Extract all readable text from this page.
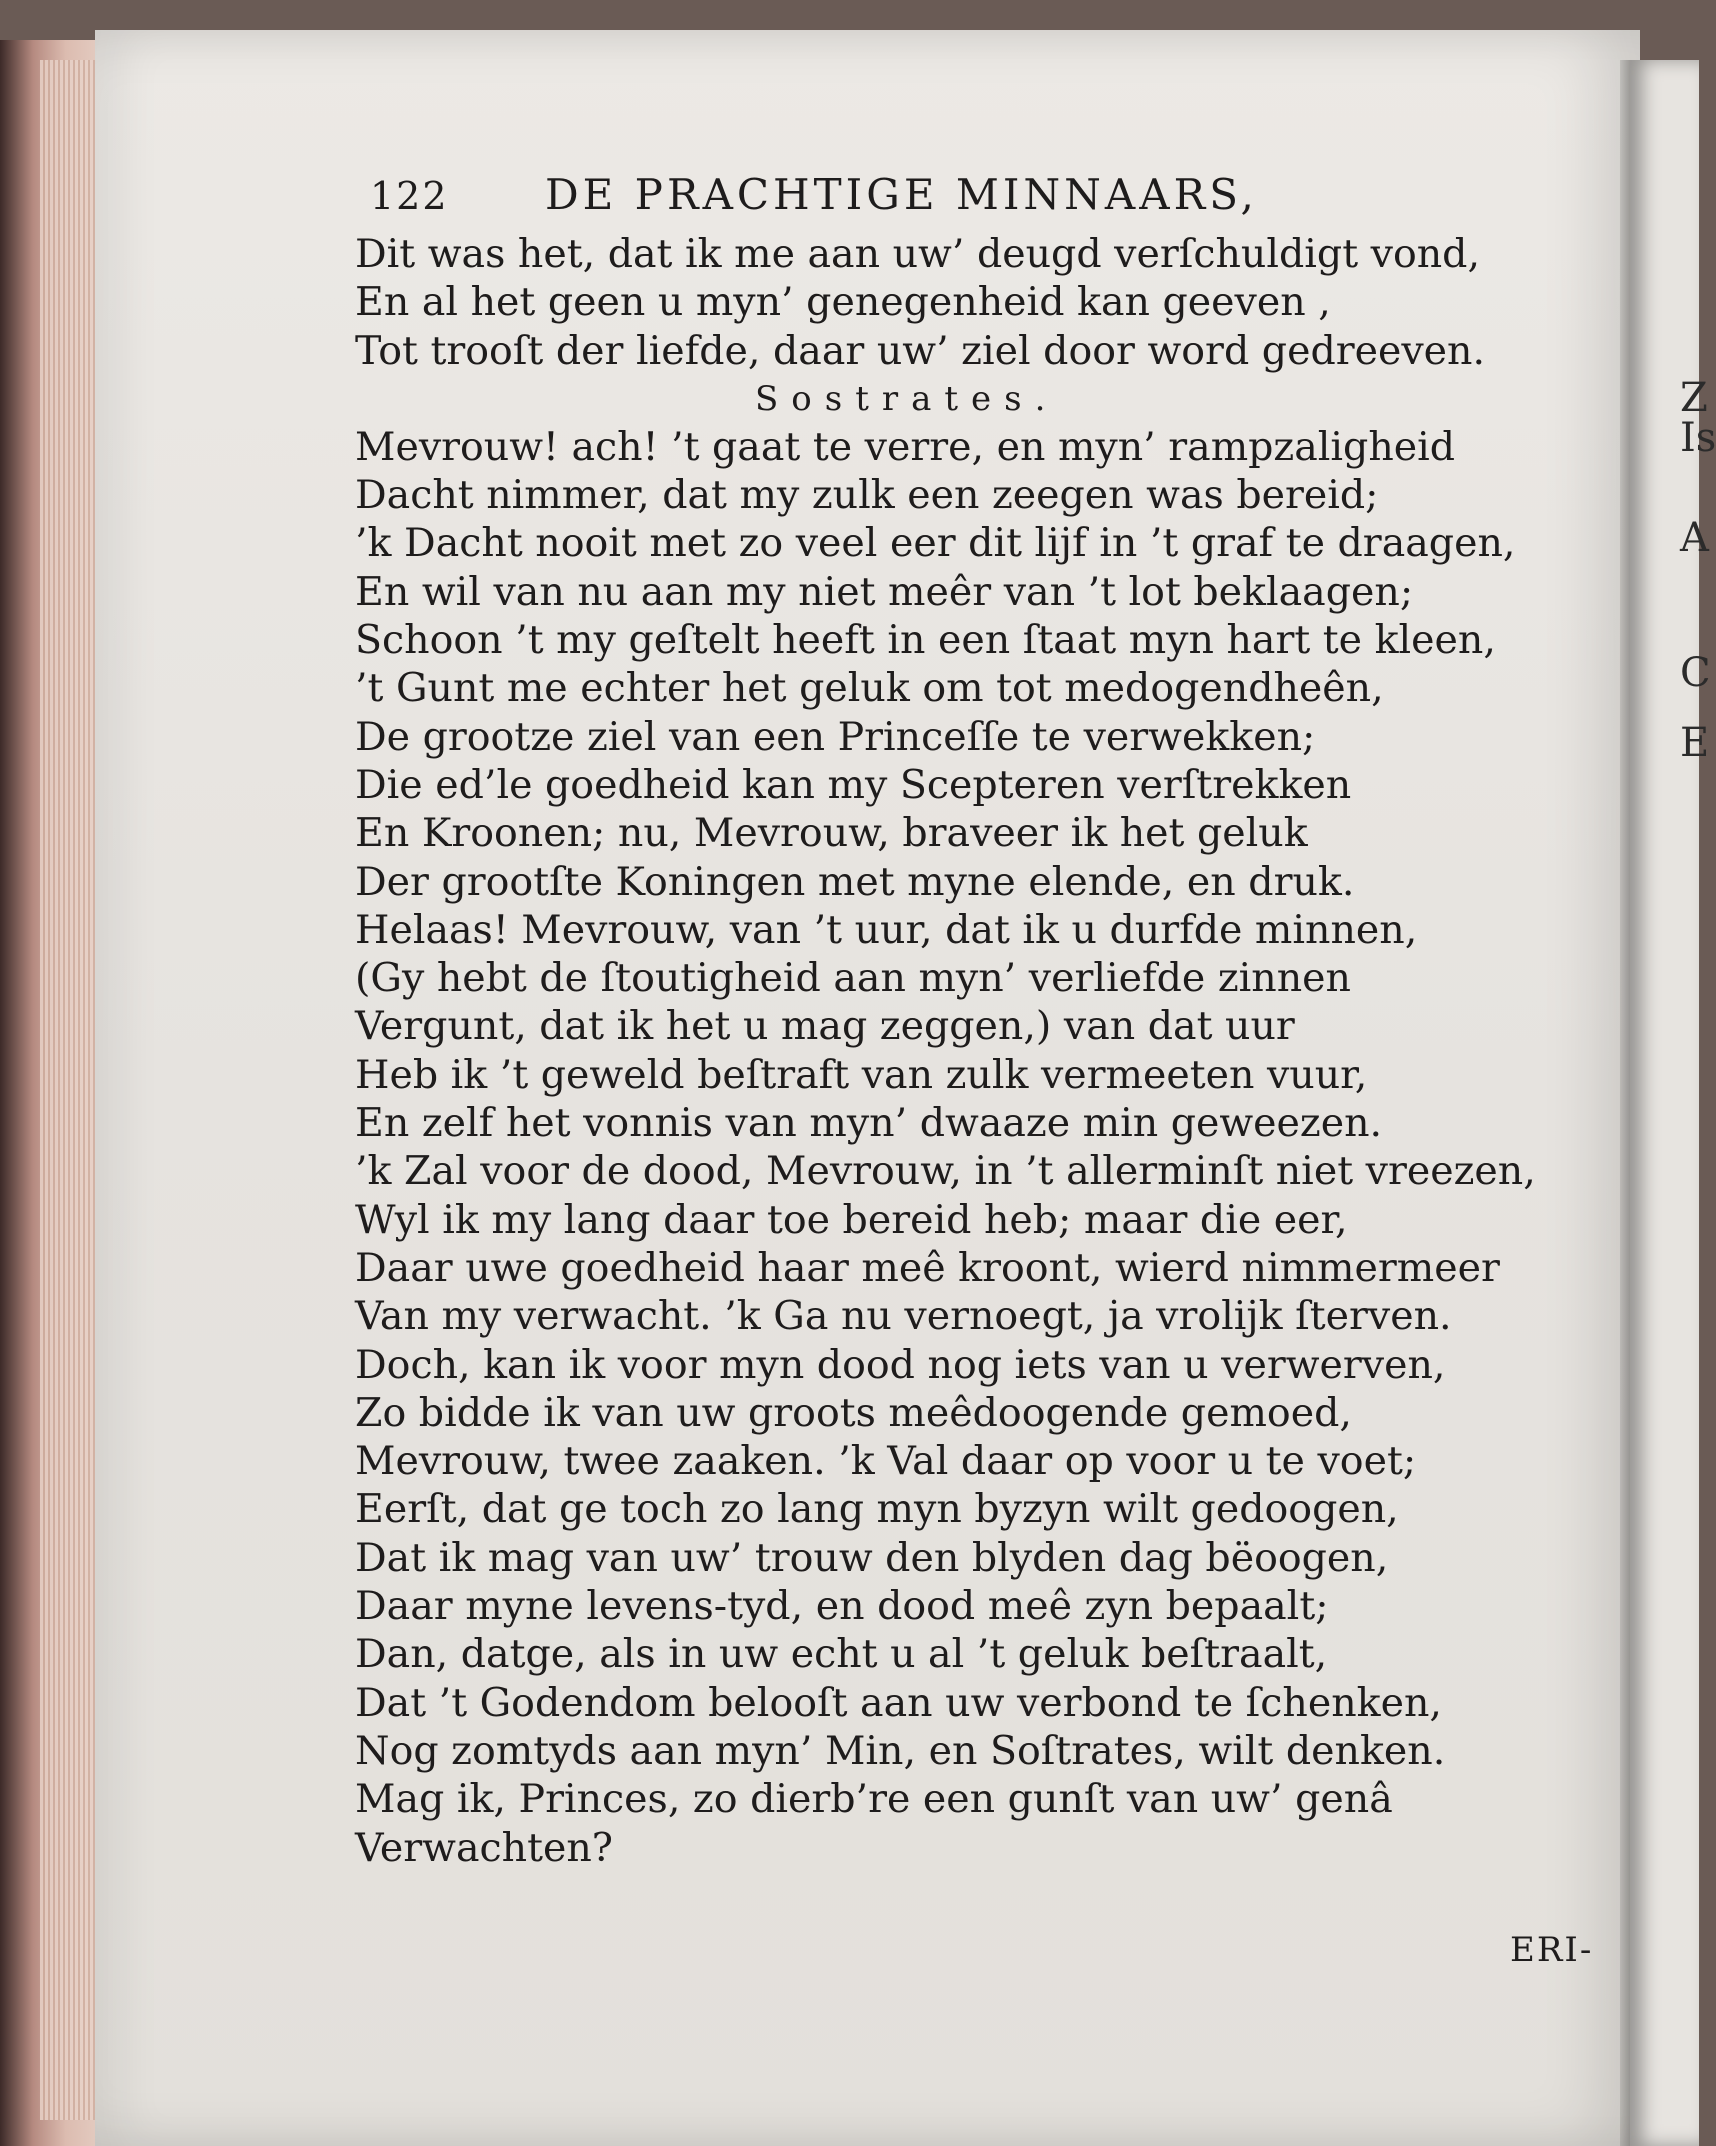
122 DE PRACHTIGE MINNAARS,
Dit was het, dat ik me aan uw’ deugd verſchuldigt vond,
En al het geen u myn’ genegenheid kan geeven ,
Tot trooſt der liefde, daar uw’ ziel door word gedreeven.
Sostrates.
Mevrouw! ach! ’t gaat te verre, en myn’ rampzaligheid
Dacht nimmer, dat my zulk een zeegen was bereid;
’k Dacht nooit met zo veel eer dit lijf in ’t graf te draagen,
En wil van nu aan my niet meêr van ’t lot beklaagen;
Schoon ’t my geſtelt heeft in een ſtaat myn hart te kleen,
’t Gunt me echter het geluk om tot medogendheên,
De grootze ziel van een Princeſſe te verwekken;
Die ed’le goedheid kan my Scepteren verſtrekken
En Kroonen; nu, Mevrouw, braveer ik het geluk
Der grootſte Koningen met myne elende, en druk.
Helaas! Mevrouw, van ’t uur, dat ik u durfde minnen,
(Gy hebt de ſtoutigheid aan myn’ verliefde zinnen
Vergunt, dat ik het u mag zeggen,) van dat uur
Heb ik ’t geweld beſtraft van zulk vermeeten vuur,
En zelf het vonnis van myn’ dwaaze min geweezen.
’k Zal voor de dood, Mevrouw, in ’t allerminſt niet vreezen,
Wyl ik my lang daar toe bereid heb; maar die eer,
Daar uwe goedheid haar meê kroont, wierd nimmermeer
Van my verwacht. ’k Ga nu vernoegt, ja vrolijk ſterven.
Doch, kan ik voor myn dood nog iets van u verwerven,
Zo bidde ik van uw groots meêdoogende gemoed,
Mevrouw, twee zaaken. ’k Val daar op voor u te voet;
Eerſt, dat ge toch zo lang myn byzyn wilt gedoogen,
Dat ik mag van uw’ trouw den blyden dag bëoogen,
Daar myne levens-tyd, en dood meê zyn bepaalt;
Dan, datge, als in uw echt u al ’t geluk beſtraalt,
Dat ’t Godendom belooſt aan uw verbond te ſchenken,
Nog zomtyds aan myn’ Min, en Soſtrates, wilt denken.
Mag ik, Princes, zo dierb’re een gunſt van uw’ genâ
Verwachten?
ERI-
Z
Is
A
C
E
